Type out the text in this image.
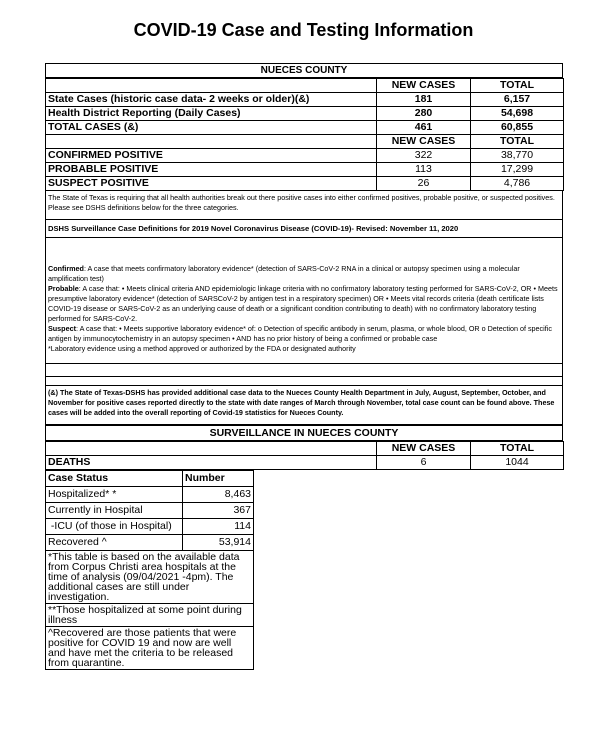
COVID-19 Case and Testing Information
NUECES COUNTY
	NEW CASES	TOTAL
State Cases (historic case data- 2 weeks or older)(&)	181	6,157
Health District Reporting (Daily Cases)	280	54,698
TOTAL CASES (&)	461	60,855
	NEW CASES	TOTAL
CONFIRMED POSITIVE	322	38,770
PROBABLE POSITIVE	113	17,299
SUSPECT POSITIVE	26	4,786
The State of Texas is requiring that all health authorities break out there positive cases into either confirmed positives, probable positive, or suspected positives. Please see DSHS definitions below for the three categories.
DSHS Surveillance Case Definitions for 2019 Novel Coronavirus Disease (COVID-19)- Revised: November 11, 2020
Confirmed: A case that meets confirmatory laboratory evidence* (detection of SARS-CoV-2 RNA in a clinical or autopsy specimen using a molecular amplification test)
Probable: A case that: • Meets clinical criteria AND epidemiologic linkage criteria with no confirmatory laboratory testing performed for SARS-CoV-2, OR • Meets presumptive laboratory evidence* (detection of SARSCoV-2 by antigen test in a respiratory specimen) OR • Meets vital records criteria (death certificate lists COVID-19 disease or SARS-CoV-2 as an underlying cause of death or a significant condition contributing to death) with no confirmatory laboratory testing performed for SARS-CoV-2.
Suspect: A case that: • Meets supportive laboratory evidence* of: o Detection of specific antibody in serum, plasma, or whole blood, OR o Detection of specific antigen by immunocytochemistry in an autopsy specimen • AND has no prior history of being a confirmed or probable case
*Laboratory evidence using a method approved or authorized by the FDA or designated authority
(&) The State of Texas-DSHS has provided additional case data to the Nueces County Health Department in July, August, September, October, and November for positive cases reported directly to the state with date ranges of March through November, total case count can be found above. These cases will be added into the overall reporting of Covid-19 statistics for Nueces County.
SURVEILLANCE IN NUECES COUNTY
	NEW CASES	TOTAL
DEATHS	6	1044
Case Status	Number
Hospitalized* *	8,463
Currently in Hospital	367
-ICU (of those in Hospital)	114
Recovered ^	53,914
*This table is based on the available data from Corpus Christi area hospitals at the time of analysis (09/04/2021 -4pm). The additional cases are still under investigation.	
**Those hospitalized at some point during illness	
^Recovered are those patients that were positive for COVID 19 and now are well and have met the criteria to be released from quarantine.	
